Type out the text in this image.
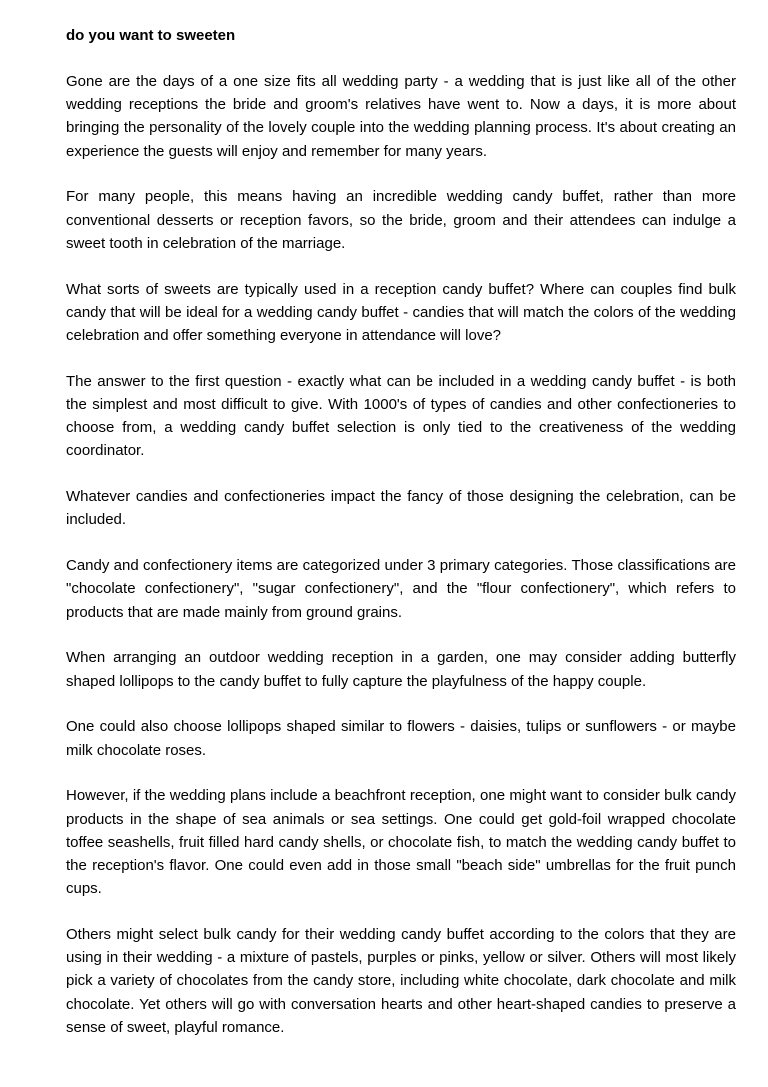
do you want to sweeten

Gone are the days of a one size fits all wedding party - a wedding that is just like all of the other wedding receptions the bride and groom's relatives have went to. Now a days, it is more about bringing the personality of the lovely couple into the wedding planning process. It's about creating an experience the guests will enjoy and remember for many years.

For many people, this means having an incredible wedding candy buffet, rather than more conventional desserts or reception favors, so the bride, groom and their attendees can indulge a sweet tooth in celebration of the marriage.

What sorts of sweets are typically used in a reception candy buffet? Where can couples find bulk candy that will be ideal for a wedding candy buffet - candies that will match the colors of the wedding celebration and offer something everyone in attendance will love?

The answer to the first question - exactly what can be included in a wedding candy buffet - is both the simplest and most difficult to give. With 1000's of types of candies and other confectioneries to choose from, a wedding candy buffet selection is only tied to the creativeness of the wedding coordinator.

Whatever candies and confectioneries impact the fancy of those designing the celebration, can be included.

Candy and confectionery items are categorized under 3 primary categories. Those classifications are "chocolate confectionery", "sugar confectionery", and the "flour confectionery", which refers to products that are made mainly from ground grains.

When arranging an outdoor wedding reception in a garden, one may consider adding butterfly shaped lollipops to the candy buffet to fully capture the playfulness of the happy couple.

One could also choose lollipops shaped similar to flowers - daisies, tulips or sunflowers - or maybe milk chocolate roses.

However, if the wedding plans include a beachfront reception, one might want to consider bulk candy products in the shape of sea animals or sea settings. One could get gold-foil wrapped chocolate toffee seashells, fruit filled hard candy shells, or chocolate fish, to match the wedding candy buffet to the reception's flavor. One could even add in those small "beach side" umbrellas for the fruit punch cups.

Others might select bulk candy for their wedding candy buffet according to the colors that they are using in their wedding - a mixture of pastels, purples or pinks, yellow or silver. Others will most likely pick a variety of chocolates from the candy store, including white chocolate, dark chocolate and milk chocolate. Yet others will go with conversation hearts and other heart-shaped candies to preserve a sense of sweet, playful romance.
